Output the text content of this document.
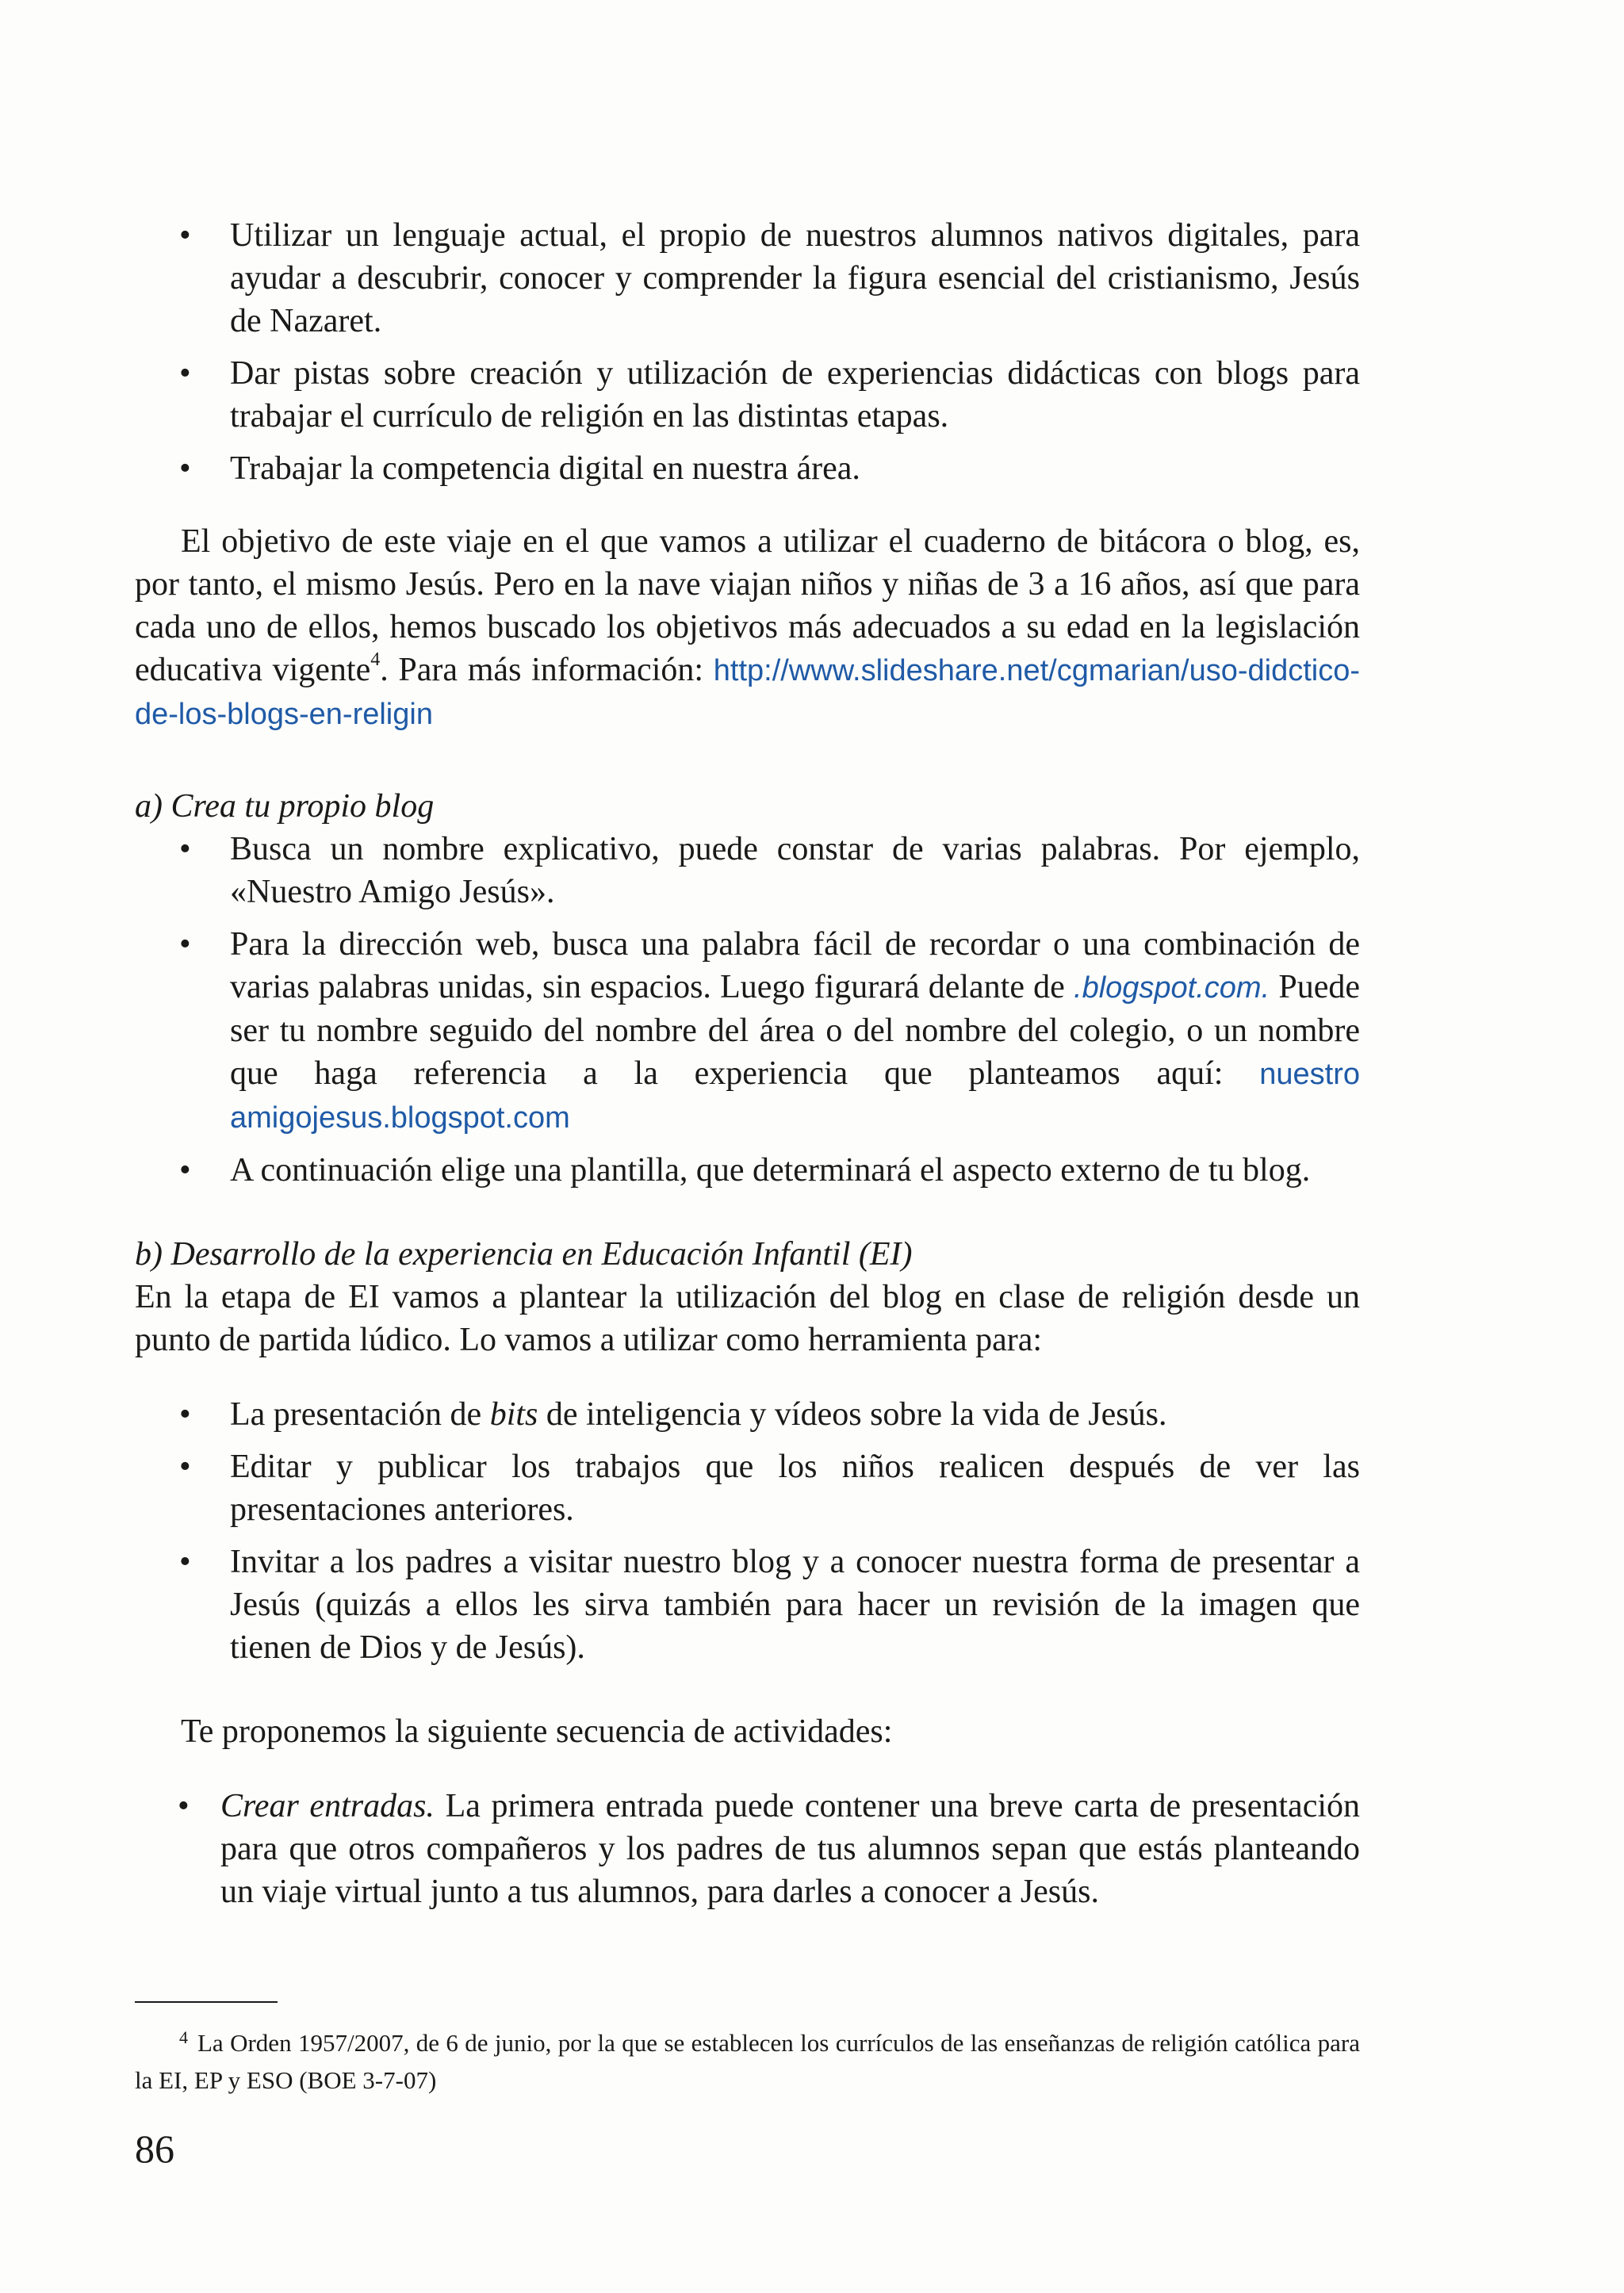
• Utilizar un lenguaje actual, el propio de nuestros alumnos nativos digitales, para ayudar a descubrir, conocer y comprender la figura esencial del cristianismo, Jesús de Nazaret.
• Dar pistas sobre creación y utilización de experiencias didácticas con blogs para trabajar el currículo de religión en las distintas etapas.
• Trabajar la competencia digital en nuestra área.

El objetivo de este viaje en el que vamos a utilizar el cuaderno de bitácora o blog, es, por tanto, el mismo Jesús. Pero en la nave viajan niños y niñas de 3 a 16 años, así que para cada uno de ellos, hemos buscado los objetivos más adecuados a su edad en la legislación educativa vigente$^4$. Para más información: http://www.slideshare.net/cgmarian/uso-didctico-de-los-blogs-en-religin

a) Crea tu propio blog

• Busca un nombre explicativo, puede constar de varias palabras. Por ejemplo, «Nuestro Amigo Jesús».
• Para la dirección web, busca una palabra fácil de recordar o una combinación de varias palabras unidas, sin espacios. Luego figurará delante de .blogspot.com. Puede ser tu nombre seguido del nombre del área o del nombre del colegio, o un nombre que haga referencia a la experiencia que planteamos aquí: nuestro amigojesus.blogspot.com
• A continuación elige una plantilla, que determinará el aspecto externo de tu blog.

b) Desarrollo de la experiencia en Educación Infantil (EI)

En la etapa de EI vamos a plantear la utilización del blog en clase de religión desde un punto de partida lúdico. Lo vamos a utilizar como herramienta para:

• La presentación de bits de inteligencia y vídeos sobre la vida de Jesús.
• Editar y publicar los trabajos que los niños realicen después de ver las presentaciones anteriores.
• Invitar a los padres a visitar nuestro blog y a conocer nuestra forma de presentar a Jesús (quizás a ellos les sirva también para hacer un revisión de la imagen que tienen de Dios y de Jesús).

Te proponemos la siguiente secuencia de actividades:

• Crear entradas. La primera entrada puede contener una breve carta de presentación para que otros compañeros y los padres de tus alumnos sepan que estás planteando un viaje virtual junto a tus alumnos, para darles a conocer a Jesús.
$^4$ La Orden 1957/2007, de 6 de junio, por la que se establecen los currículos de las enseñanzas de religión católica para la EI, EP y ESO (BOE 3-7-07)
86
